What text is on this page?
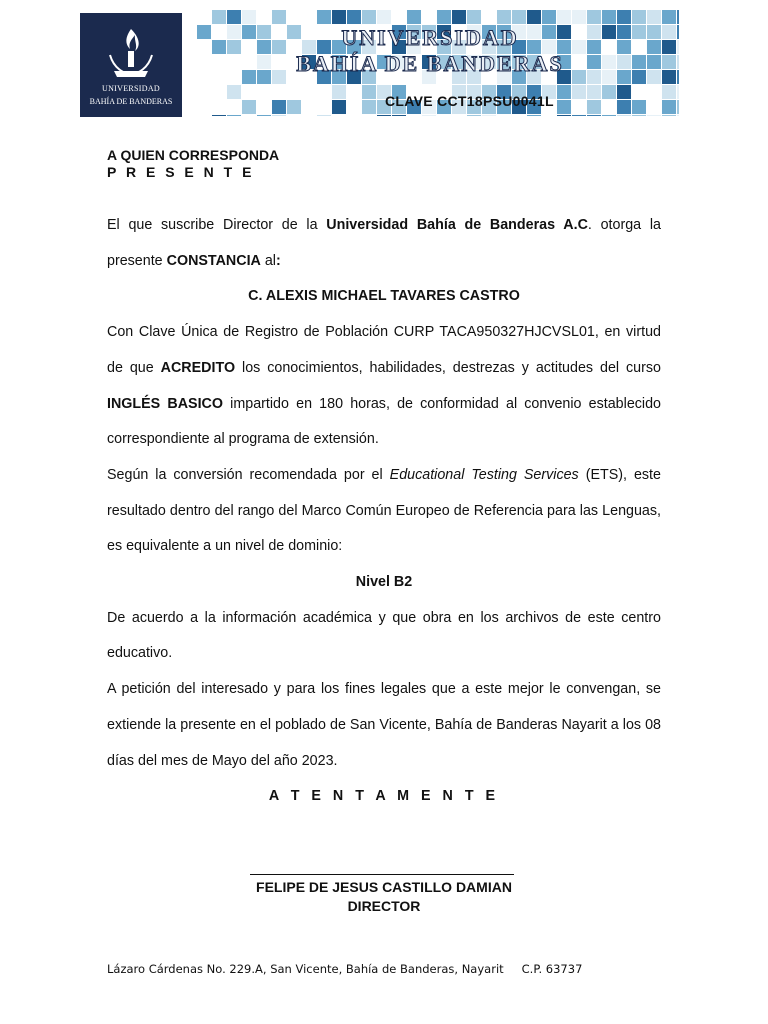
UNIVERSIDAD
BAHÍA DE BANDERAS
UNIVERSIDAD
BAHÍA DE BANDERAS
CLAVE CCT18PSU0041L
A QUIEN CORRESPONDA
P R E S E N T E

El que suscribe Director de la Universidad Bahía de Banderas A.C. otorga la presente CONSTANCIA al:

C. ALEXIS MICHAEL TAVARES CASTRO

Con Clave Única de Registro de Población CURP TACA950327HJCVSL01, en virtud de que ACREDITO los conocimientos, habilidades, destrezas y actitudes del curso INGLÉS BASICO impartido en 180 horas, de conformidad al convenio establecido correspondiente al programa de extensión.

Según la conversión recomendada por el Educational Testing Services (ETS), este resultado dentro del rango del Marco Común Europeo de Referencia para las Lenguas, es equivalente a un nivel de dominio:

Nivel B2

De acuerdo a la información académica y que obra en los archivos de este centro educativo.

A petición del interesado y para los fines legales que a este mejor le convengan, se extiende la presente en el poblado de San Vicente, Bahía de Banderas Nayarit a los 08 días del mes de Mayo del año 2023.

A T E N T A M E N T E

FELIPE DE JESUS CASTILLO DAMIAN
DIRECTOR
Lázaro Cárdenas No. 229.A, San Vicente, Bahía de Banderas, Nayarit C.P. 63737
